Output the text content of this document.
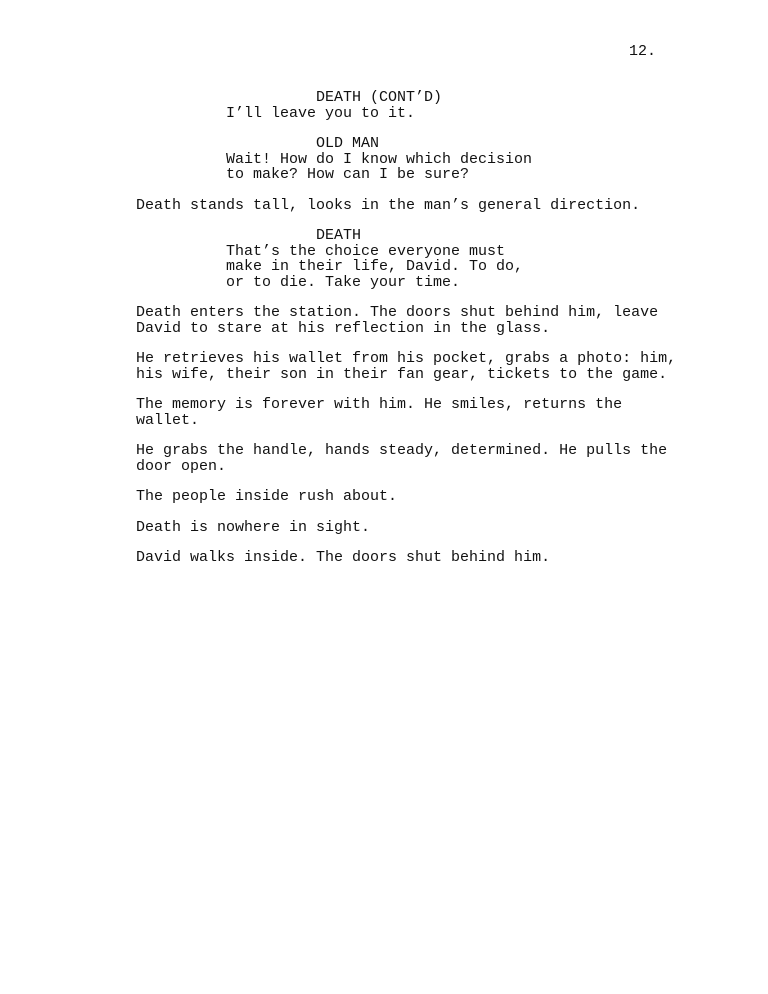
12.

DEATH (CONT’D)
I’ll leave you to it.
OLD MAN
Wait! How do I know which decision
to make? How can I be sure?

Death stands tall, looks in the man’s general direction.

DEATH
That’s the choice everyone must
make in their life, David. To do,
or to die. Take your time.

Death enters the station. The doors shut behind him, leave
David to stare at his reflection in the glass.

He retrieves his wallet from his pocket, grabs a photo: him,
his wife, their son in their fan gear, tickets to the game.

The memory is forever with him. He smiles, returns the
wallet.

He grabs the handle, hands steady, determined. He pulls the
door open.

The people inside rush about.

Death is nowhere in sight.

David walks inside. The doors shut behind him.
